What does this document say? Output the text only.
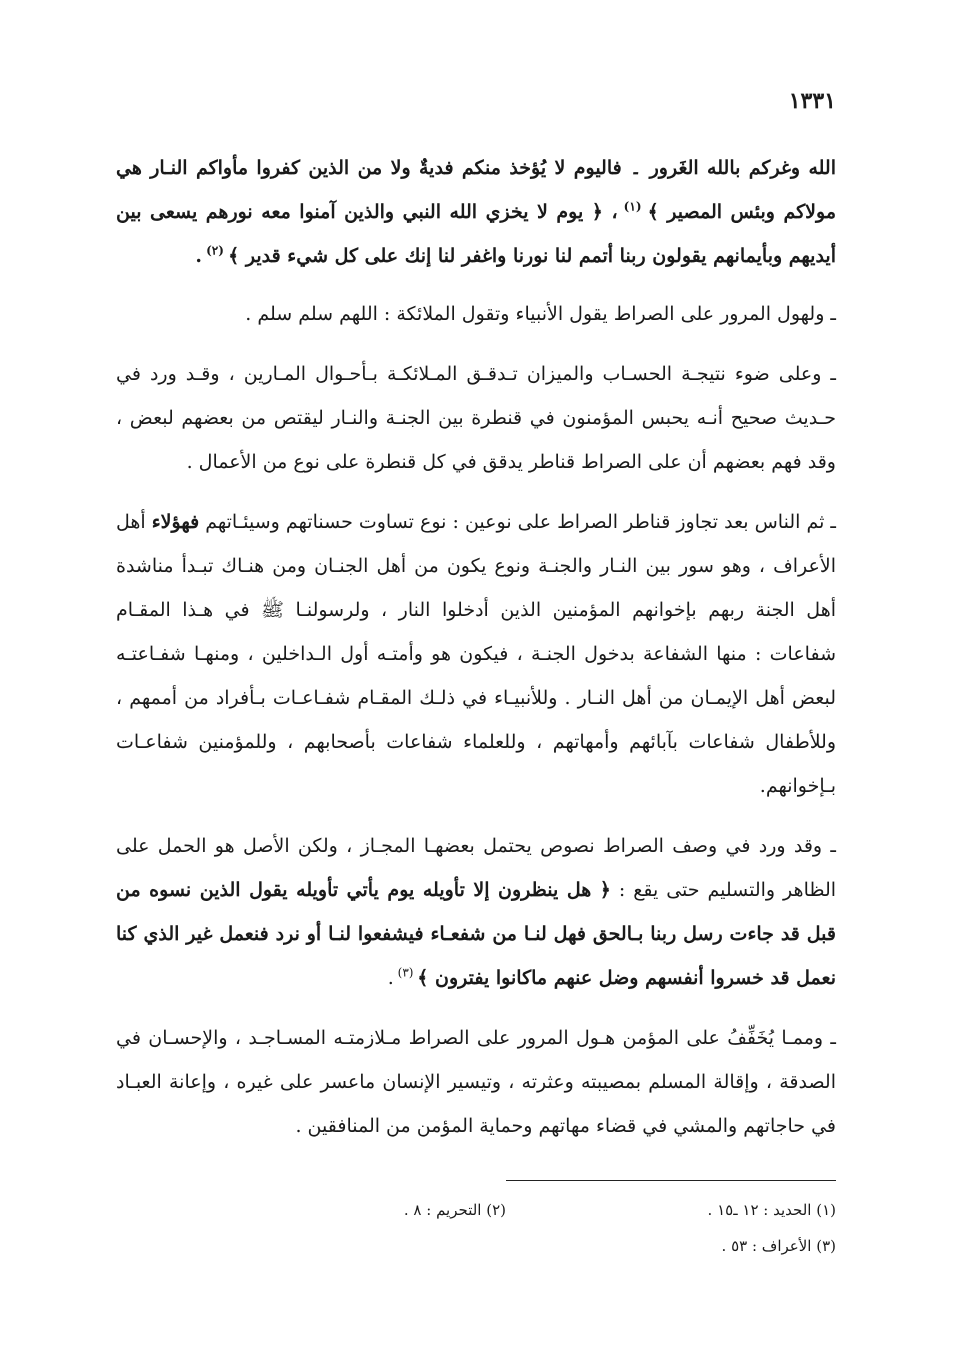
١٣٣١

الله وغركم بالله الغَرور ۔ فاليوم لا يُؤخذ منكم فديةٌ ولا من الذين كفروا مأواكم النـار هي مولاكم وبئس المصير ﴾ $^{(١)}$ ، ﴿ يوم لا يخزي الله النبي والذين آمنوا معه نورهم يسعى بين أيديهم وبأيمانهم يقولون ربنا أتمم لنا نورنا واغفر لنا إنك على كل شيء قدير ﴾ $^{(٢)}$ .

ـ ولهول المرور على الصراط يقول الأنبياء وتقول الملائكة : اللهم سلم سلم .

ـ وعلى ضوء نتيجـة الحسـاب والميزان تـدقـق المـلائكـة بـأحـوال المـارين ، وقـد ورد في حـديث صحيح أنـه يحبس المؤمنون في قنطرة بين الجنـة والنـار ليقتص من بعضهم لبعض ، وقد فهم بعضهم أن على الصراط قناطر يدقق في كل قنطرة على نوع من الأعمال .

ـ ثم الناس بعد تجاوز قناطر الصراط على نوعين : نوع تساوت حسناتهم وسيئـاتهم فهؤلاء أهل الأعراف ، وهو سور بين النـار والجنـة ونوع يكون من أهل الجنـان ومن هنـاك تبـدأ مناشدة أهل الجنة ربهم بإخوانهم المؤمنين الذين أدخلوا النار ، ولرسولنـا ﷺ في هـذا المقـام شفاعات : منها الشفاعة بدخول الجنـة ، فيكون هو وأمتـه أول الـداخلين ، ومنهـا شفـاعتـه لبعض أهل الإيمـان من أهل النـار . وللأنبيـاء في ذلـك المقـام شفـاعـات بـأفراد من أممهم ، وللأطفال شفاعات بآبائهم وأمهاتهم ، وللعلماء شفاعات بأصحابهم ، وللمؤمنين شفاعـات بـإخوانهم.

ـ وقد ورد في وصف الصراط نصوص يحتمل بعضهـا المجـاز ، ولكن الأصل هو الحمل على الظاهر والتسليم حتى يقع : ﴿ هل ينظرون إلا تأويله يوم يأتي تأويله يقول الذين نسوه من قبل قد جاءت رسل ربنا بـالحق فهل لنـا من شفعـاء فيشفعوا لنـا أو نرد فنعمل غير الذي كنا نعمل قد خسروا أنفسهم وضل عنهم ماكانوا يفترون ﴾ $^{(٣)}$ .

ـ وممـا يُخَفِّفُ على المؤمن هـول المرور على الصراط مـلازمتـه المسـاجـد ، والإحسـان في الصدقة ، وإقالة المسلم بمصيبته وعثرته ، وتيسير الإنسان ماعسر على غيره ، وإعانة العبـاد في حاجاتهم والمشي في قضاء مهاتهم وحماية المؤمن من المنافقين .

(١) الحديد : ١٢ ـ١٥ .
(٢) التحريم : ٨ .
(٣) الأعراف : ٥٣ .
